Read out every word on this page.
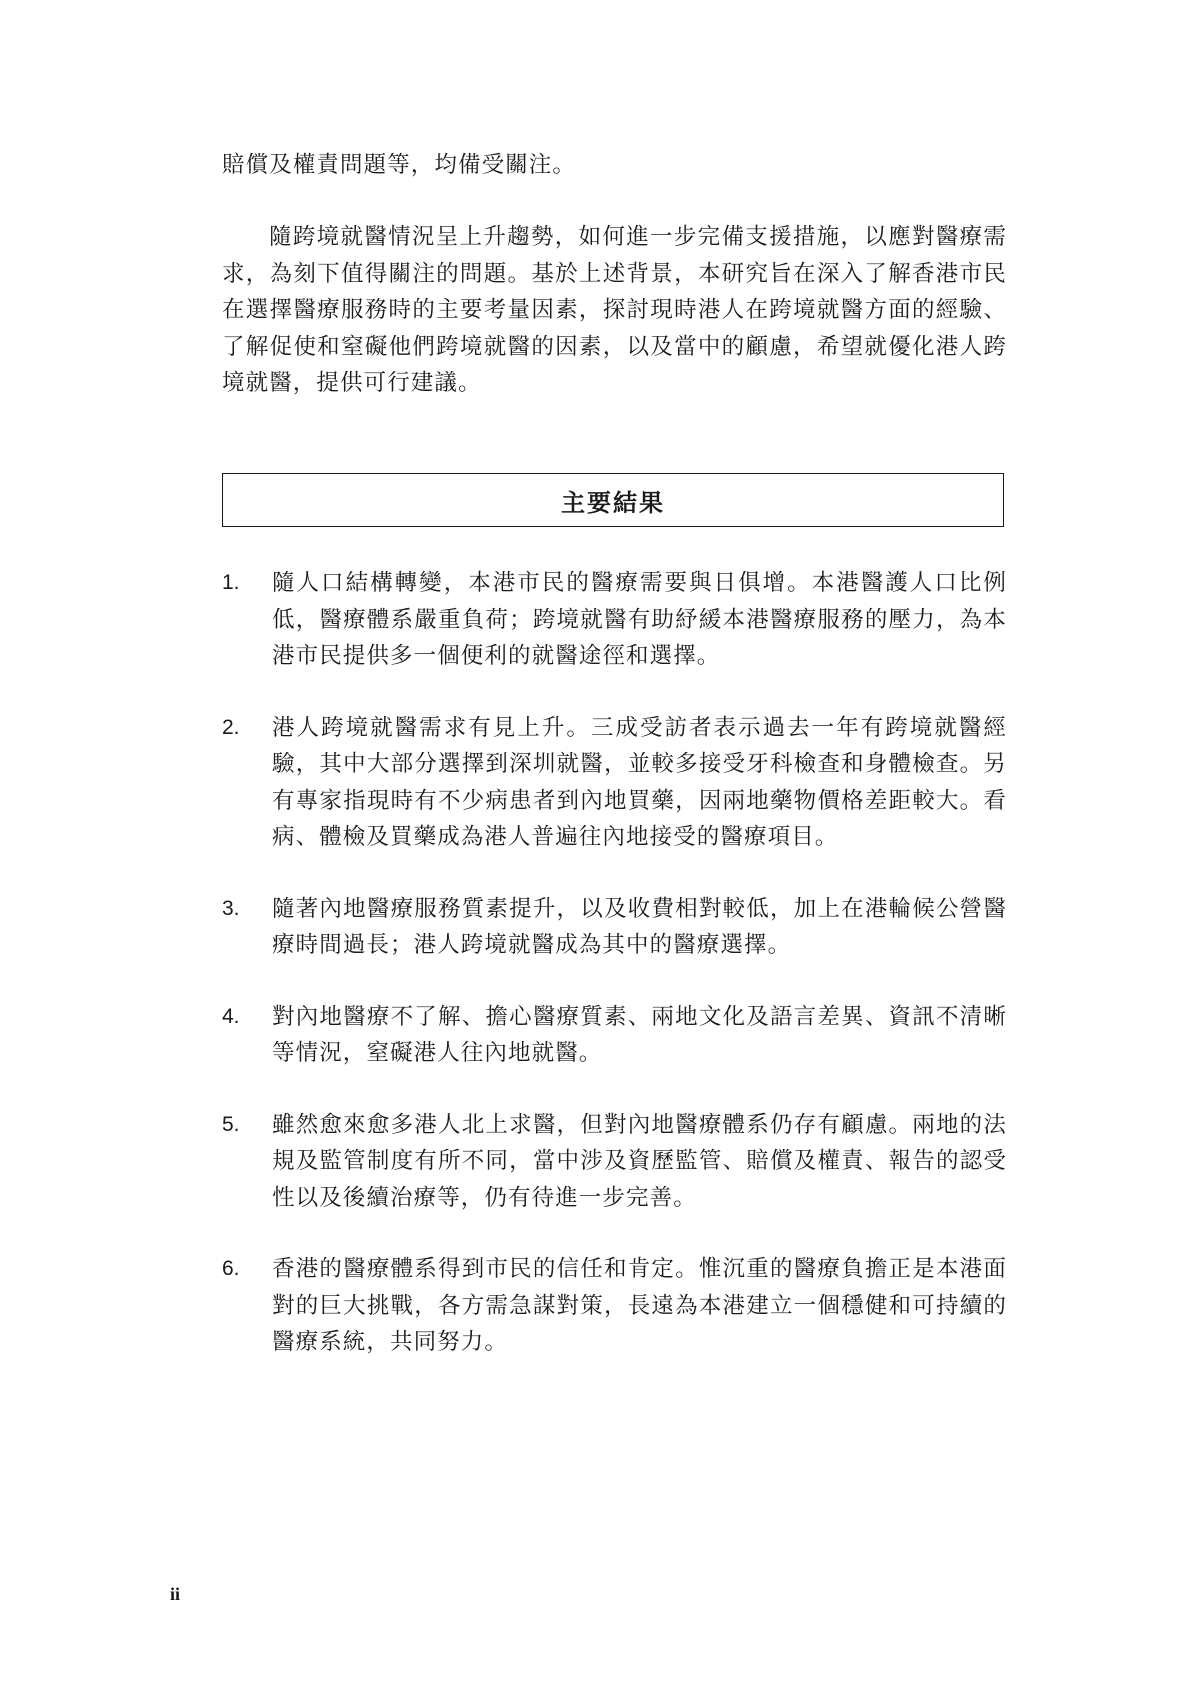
賠償及權責問題等，均備受關注。

隨跨境就醫情況呈上升趨勢，如何進一步完備支援措施，以應對醫療需求，為刻下值得關注的問題。基於上述背景，本研究旨在深入了解香港市民在選擇醫療服務時的主要考量因素，探討現時港人在跨境就醫方面的經驗、了解促使和窒礙他們跨境就醫的因素，以及當中的顧慮，希望就優化港人跨境就醫，提供可行建議。

主要結果
1. 隨人口結構轉變，本港市民的醫療需要與日俱增。本港醫護人口比例低，醫療體系嚴重負荷；跨境就醫有助紓緩本港醫療服務的壓力，為本港市民提供多一個便利的就醫途徑和選擇。
2. 港人跨境就醫需求有見上升。三成受訪者表示過去一年有跨境就醫經驗，其中大部分選擇到深圳就醫，並較多接受牙科檢查和身體檢查。另有專家指現時有不少病患者到內地買藥，因兩地藥物價格差距較大。看病、體檢及買藥成為港人普遍往內地接受的醫療項目。
3. 隨著內地醫療服務質素提升，以及收費相對較低，加上在港輪候公營醫療時間過長；港人跨境就醫成為其中的醫療選擇。
4. 對內地醫療不了解、擔心醫療質素、兩地文化及語言差異、資訊不清晰等情況，窒礙港人往內地就醫。
5. 雖然愈來愈多港人北上求醫，但對內地醫療體系仍存有顧慮。兩地的法規及監管制度有所不同，當中涉及資歷監管、賠償及權責、報告的認受性以及後續治療等，仍有待進一步完善。
6. 香港的醫療體系得到市民的信任和肯定。惟沉重的醫療負擔正是本港面對的巨大挑戰，各方需急謀對策，長遠為本港建立一個穩健和可持續的醫療系統，共同努力。
ii
